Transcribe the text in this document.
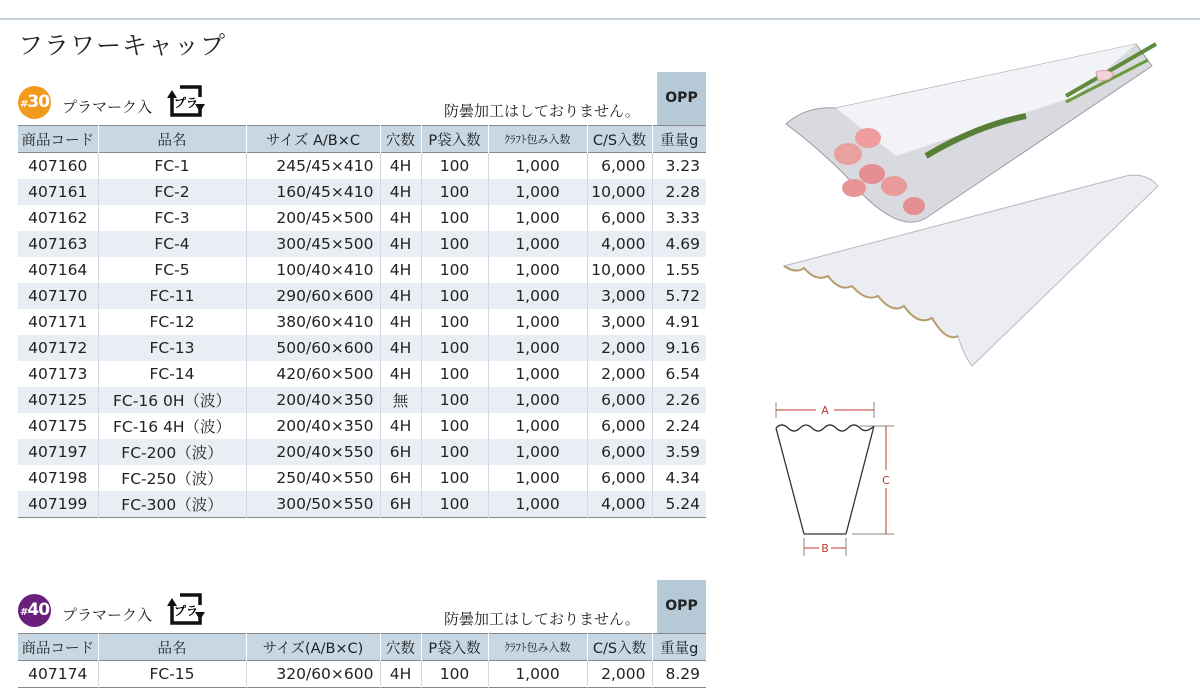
フラワーキャップ
#30 プラマーク入 プラ	防曇加工はしておりません。
OPP
商品コード	品名	サイズ A/B×C	穴数	P袋入数	ｸﾗﾌﾄ包み入数	C/S入数	重量g
407160	FC-1	245/45×410	4H	100	1,000	6,000	3.23
407161	FC-2	160/45×410	4H	100	1,000	10,000	2.28
407162	FC-3	200/45×500	4H	100	1,000	6,000	3.33
407163	FC-4	300/45×500	4H	100	1,000	4,000	4.69
407164	FC-5	100/40×410	4H	100	1,000	10,000	1.55
407170	FC-11	290/60×600	4H	100	1,000	3,000	5.72
407171	FC-12	380/60×410	4H	100	1,000	3,000	4.91
407172	FC-13	500/60×600	4H	100	1,000	2,000	9.16
407173	FC-14	420/60×500	4H	100	1,000	2,000	6.54
407125	FC-16 0H（波）	200/40×350	無	100	1,000	6,000	2.26
407175	FC-16 4H（波）	200/40×350	4H	100	1,000	6,000	2.24
407197	FC-200（波）	200/40×550	6H	100	1,000	6,000	3.59
407198	FC-250（波）	250/40×550	6H	100	1,000	6,000	4.34
407199	FC-300（波）	300/50×550	6H	100	1,000	4,000	5.24
#40 プラマーク入 プラ	防曇加工はしておりません。
OPP
商品コード	品名	サイズ(A/B×C)	穴数	P袋入数	ｸﾗﾌﾄ包み入数	C/S入数	重量g
407174	FC-15	320/60×600	4H	100	1,000	2,000	8.29
A
C
B
